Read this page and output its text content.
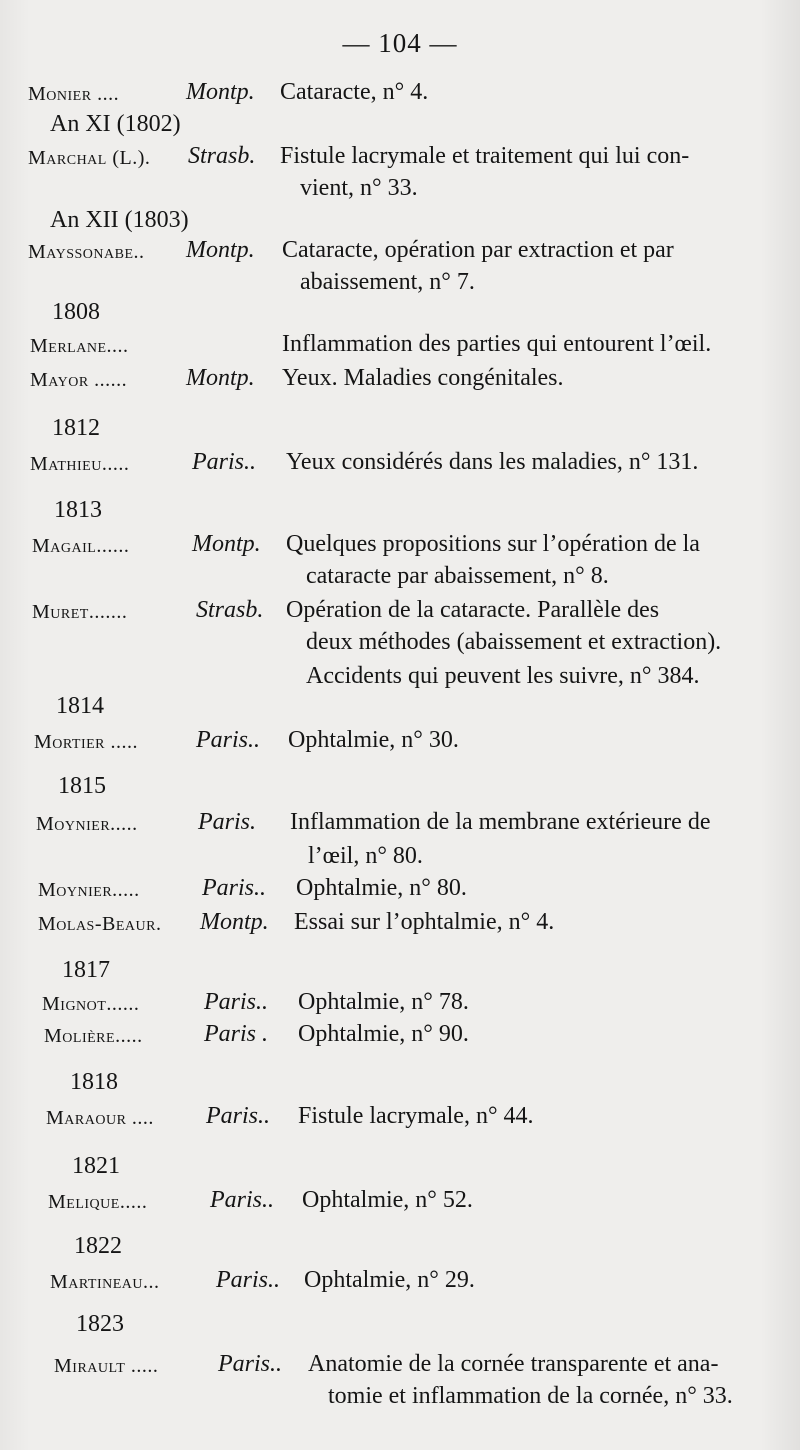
— 104 —
Monier ....	Montp. Cataracte, n° 4.
An XI (1802)
Marchal (L.). Strasb. Fistule lacrymale et traitement qui lui con-
vient, n° 33.
An XII (1803)
Mayssonabe.. Montp. Cataracte, opération par extraction et par
abaissement, n° 7.
1808
Merlane....	Inflammation des parties qui entourent l’œil.
Mayor ...... Montp. Yeux. Maladies congénitales.
1812
Mathieu.....	Paris.. Yeux considérés dans les maladies, n° 131.
1813
Magail......	Montp. Quelques propositions sur l’opération de la
cataracte par abaissement, n° 8.
Muret.......	Strasb. Opération de la cataracte. Parallèle des
deux méthodes (abaissement et extraction).
Accidents qui peuvent les suivre, n° 384.
1814
Mortier ..... Paris.. Ophtalmie, n° 30.
1815
Moynier.....	Paris. Inflammation de la membrane extérieure de
l’œil, n° 80.
Moynier.....	Paris.. Ophtalmie, n° 80.
Molas-Beaur. Montp. Essai sur l’ophtalmie, n° 4.
1817
Mignot......	Paris.. Ophtalmie, n° 78.
Molière.....	Paris . Ophtalmie, n° 90.
1818
Maraour .... Paris.. Fistule lacrymale, n° 44.
1821
Melique.....	Paris.. Ophtalmie, n° 52.
1822
Martineau... Paris.. Ophtalmie, n° 29.
1823
Mirault ..... Paris.. Anatomie de la cornée transparente et ana-
tomie et inflammation de la cornée, n° 33.
